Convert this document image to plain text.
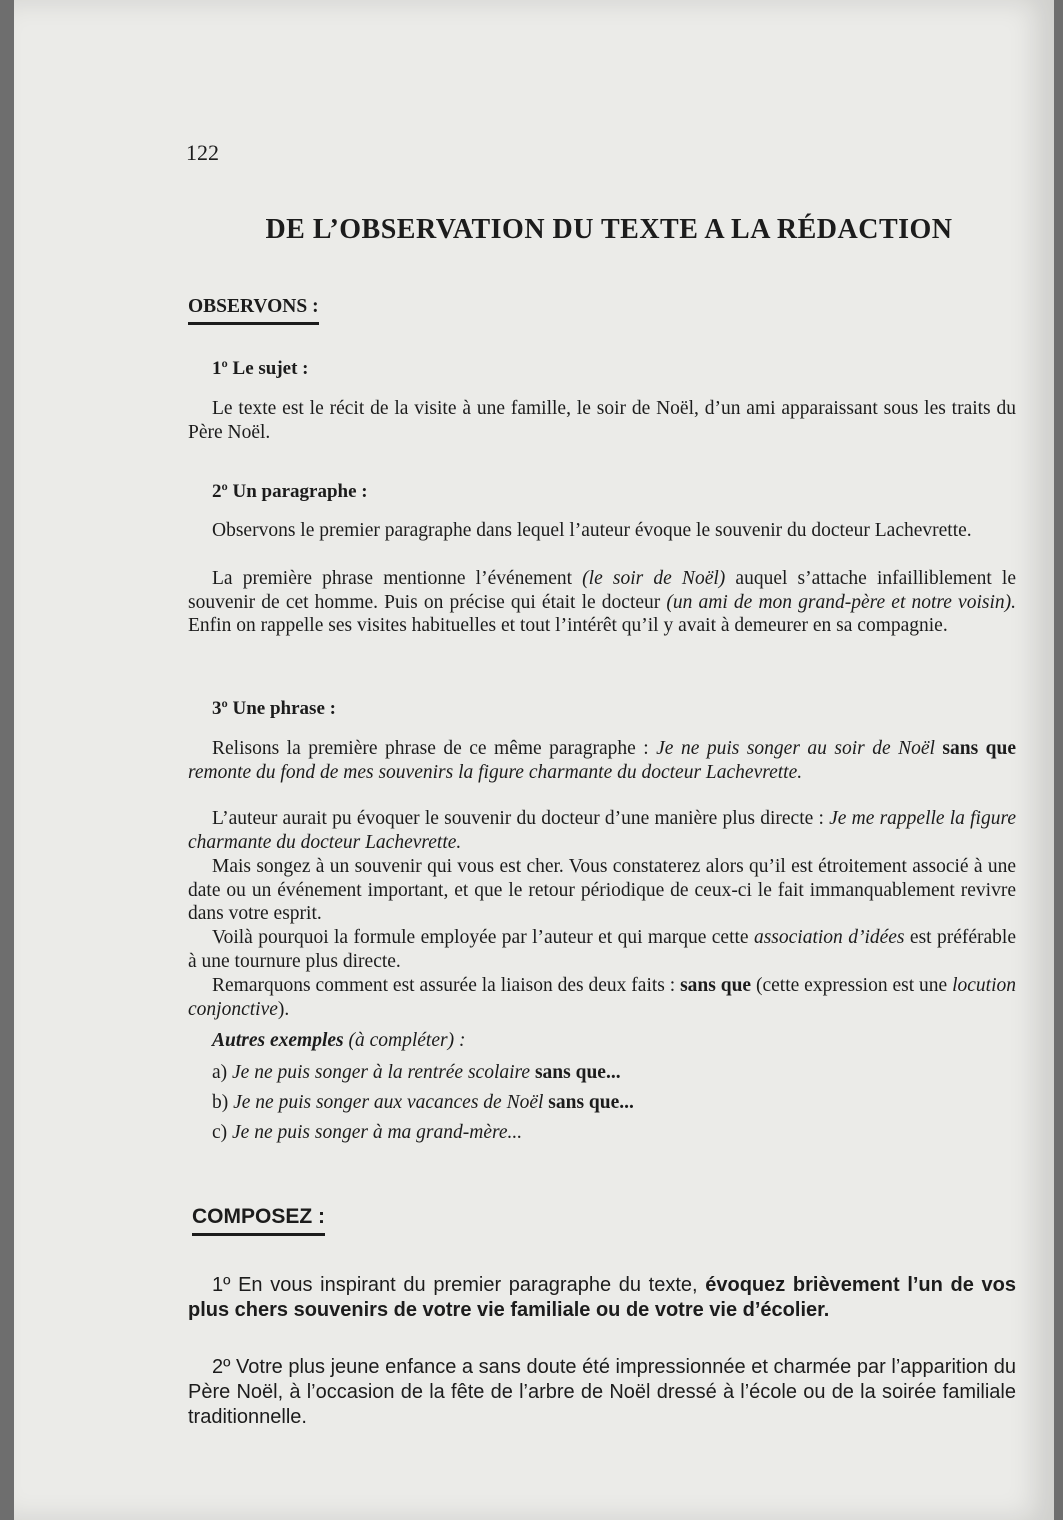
122
DE L’OBSERVATION DU TEXTE A LA RÉDACTION
OBSERVONS :
1º Le sujet :
Le texte est le récit de la visite à une famille, le soir de Noël, d’un ami apparaissant sous les traits du Père Noël.
2º Un paragraphe :
Observons le premier paragraphe dans lequel l’auteur évoque le souvenir du docteur Lachevrette.
La première phrase mentionne l’événement (le soir de Noël) auquel s’attache infailliblement le souvenir de cet homme. Puis on précise qui était le docteur (un ami de mon grand-père et notre voisin). Enfin on rappelle ses visites habituelles et tout l’intérêt qu’il y avait à demeurer en sa compagnie.
3º Une phrase :
Relisons la première phrase de ce même paragraphe : Je ne puis songer au soir de Noël sans que remonte du fond de mes souvenirs la figure charmante du docteur Lachevrette.
L’auteur aurait pu évoquer le souvenir du docteur d’une manière plus directe : Je me rappelle la figure charmante du docteur Lachevrette.
Mais songez à un souvenir qui vous est cher. Vous constaterez alors qu’il est étroitement associé à une date ou un événement important, et que le retour périodique de ceux-ci le fait immanquablement revivre dans votre esprit.
Voilà pourquoi la formule employée par l’auteur et qui marque cette association d’idées est préférable à une tournure plus directe.
Remarquons comment est assurée la liaison des deux faits : sans que (cette expression est une locution conjonctive).
Autres exemples (à compléter) :
a) Je ne puis songer à la rentrée scolaire sans que...
b) Je ne puis songer aux vacances de Noël sans que...
c) Je ne puis songer à ma grand-mère...
COMPOSEZ :
1º En vous inspirant du premier paragraphe du texte, évoquez brièvement l’un de vos plus chers souvenirs de votre vie familiale ou de votre vie d’écolier.
2º Votre plus jeune enfance a sans doute été impressionnée et charmée par l’apparition du Père Noël, à l’occasion de la fête de l’arbre de Noël dressé à l’école ou de la soirée familiale traditionnelle.
